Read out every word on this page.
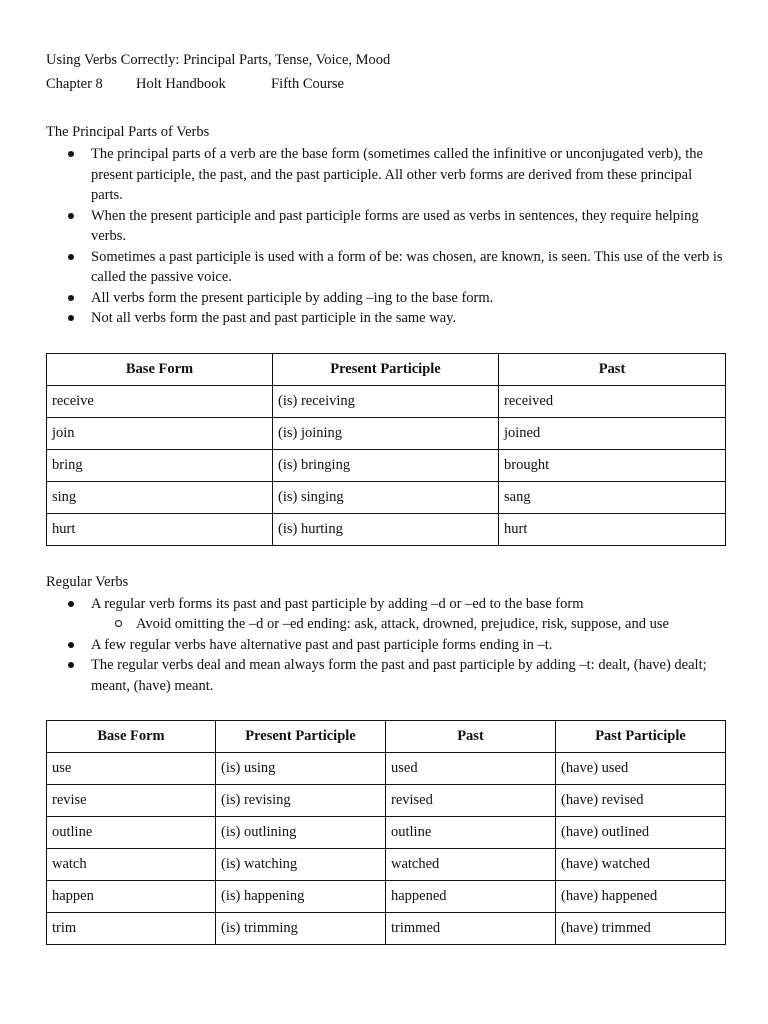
Using Verbs Correctly: Principal Parts, Tense, Voice, Mood
Chapter 8 Holt Handbook	Fifth Course
The Principal Parts of Verbs
The principal parts of a verb are the base form (sometimes called the infinitive or unconjugated verb), the present participle, the past, and the past participle. All other verb forms are derived from these principal parts.
When the present participle and past participle forms are used as verbs in sentences, they require helping verbs.
Sometimes a past participle is used with a form of be: was chosen, are known, is seen. This use of the verb is called the passive voice.
All verbs form the present participle by adding –ing to the base form.
Not all verbs form the past and past participle in the same way.
Base Form	Present Participle	Past
receive	(is) receiving	received
join	(is) joining	joined
bring	(is) bringing	brought
sing	(is) singing	sang
hurt	(is) hurting	hurt
Regular Verbs
A regular verb forms its past and past participle by adding –d or –ed to the base form
Avoid omitting the –d or –ed ending: ask, attack, drowned, prejudice, risk, suppose, and use
A few regular verbs have alternative past and past participle forms ending in –t.
The regular verbs deal and mean always form the past and past participle by adding –t: dealt, (have) dealt; meant, (have) meant.
Base Form	Present Participle	Past	Past Participle
use	(is) using	used	(have) used
revise	(is) revising	revised	(have) revised
outline	(is) outlining	outline	(have) outlined
watch	(is) watching	watched	(have) watched
happen	(is) happening	happened	(have) happened
trim	(is) trimming	trimmed	(have) trimmed
